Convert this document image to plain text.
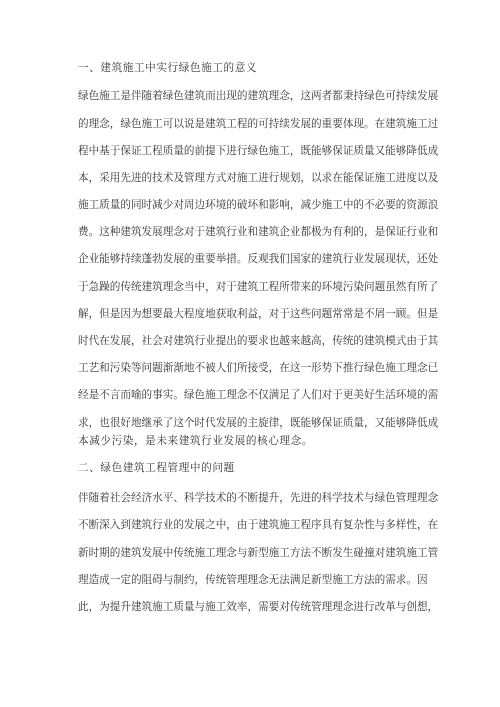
一、建筑施工中实行绿色施工的意义
绿色施工是伴随着绿色建筑而出现的建筑理念，这两者都秉持绿色可持续发展
的理念，绿色施工可以说是建筑工程的可持续发展的重要体现。在建筑施工过
程中基于保证工程质量的前提下进行绿色施工，既能够保证质量又能够降低成
本，采用先进的技术及管理方式对施工进行规划，以求在能保证施工进度以及
施工质量的同时减少对周边环境的破坏和影响，减少施工中的不必要的资源浪
费。这种建筑发展理念对于建筑行业和建筑企业都极为有利的，是保证行业和
企业能够持续蓬勃发展的重要举措。反观我们国家的建筑行业发展现状，还处
于急躁的传统建筑理念当中，对于建筑工程所带来的环境污染问题虽然有所了
解，但是因为想要最大程度地获取利益，对于这些问题常常是不屑一顾。但是
时代在发展，社会对建筑行业提出的要求也越来越高，传统的建筑模式由于其
工艺和污染等问题渐渐地不被人们所接受，在这一形势下推行绿色施工理念已
经是不言而喻的事实。绿色施工理念不仅满足了人们对于更美好生活环境的需
求，也很好地继承了这个时代发展的主旋律，既能够保证质量，又能够降低成
本减少污染，是未来建筑行业发展的核心理念。
二、绿色建筑工程管理中的问题
伴随着社会经济水平、科学技术的不断提升，先进的科学技术与绿色管理理念
不断深入到建筑行业的发展之中，由于建筑施工程序具有复杂性与多样性，在
新时期的建筑发展中传统施工理念与新型施工方法不断发生碰撞对建筑施工管
理造成一定的阻碍与制约，传统管理理念无法满足新型施工方法的需求。因
此，为提升建筑施工质量与施工效率，需要对传统管理理念进行改革与创想，
